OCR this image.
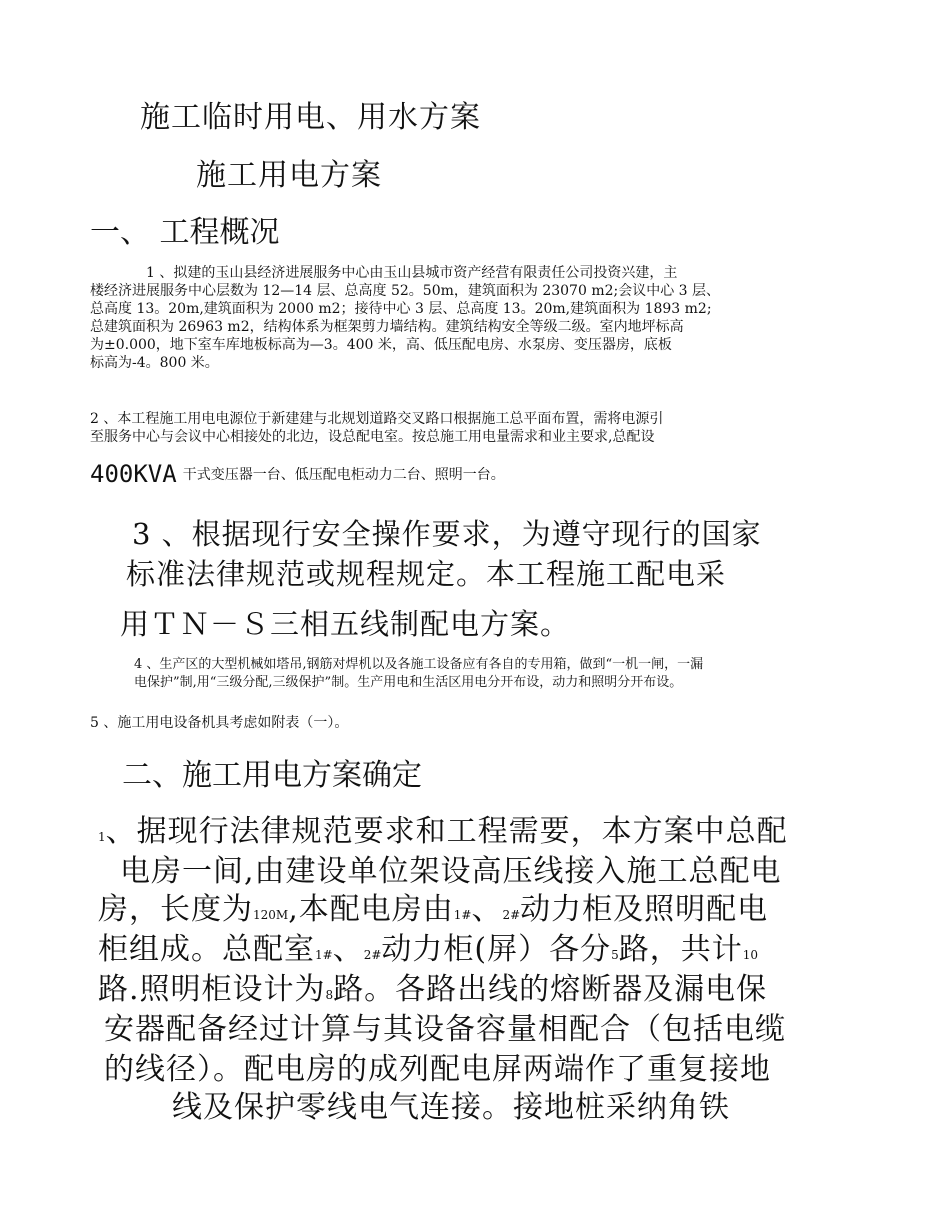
施工临时用电、用水方案
施工用电方案
一、 工程概况
1 、拟建的玉山县经济进展服务中心由玉山县城市资产经营有限责任公司投资兴建，主
楼经济进展服务中心层数为 12—14 层、总高度 52。50m，建筑面积为 23070 m2;会议中心 3 层、
总高度 13。20m,建筑面积为 2000 m2；接待中心 3 层、总高度 13。20m,建筑面积为 1893 m2;
总建筑面积为 26963 m2，结构体系为框架剪力墙结构。建筑结构安全等级二级。室内地坪标高
为±0.000，地下室车库地板标高为—3。400 米，高、低压配电房、水泵房、变压器房，底板
标高为-4。800 米。
2 、本工程施工用电电源位于新建建与北规划道路交叉路口根据施工总平面布置，需将电源引
至服务中心与会议中心相接处的北边，设总配电室。按总施工用电量需求和业主要求,总配设
400KVA 干式变压器一台、低压配电柜动力二台、照明一台。
3 、根据现行安全操作要求，为遵守现行的国家
标准法律规范或规程规定。本工程施工配电采
用ＴＮ－Ｓ三相五线制配电方案。
4 、生产区的大型机械如塔吊,钢筋对焊机以及各施工设备应有各自的专用箱，做到“一机一闸，一漏
电保护”制,用“三级分配,三级保护”制。生产用电和生活区用电分开布设，动力和照明分开布设。
5 、施工用电设备机具考虑如附表（一）。
二、施工用电方案确定
1、据现行法律规范要求和工程需要，本方案中总配
电房一间,由建设单位架设高压线接入施工总配电
房，长度为120M,本配电房由1#、2#动力柜及照明配电
柜组成。总配室1#、2#动力柜(屏）各分5路，共计10
路.照明柜设计为8路。各路出线的熔断器及漏电保
安器配备经过计算与其设备容量相配合（包括电缆
的线径）。配电房的成列配电屏两端作了重复接地
线及保护零线电气连接。接地桩采纳角铁
